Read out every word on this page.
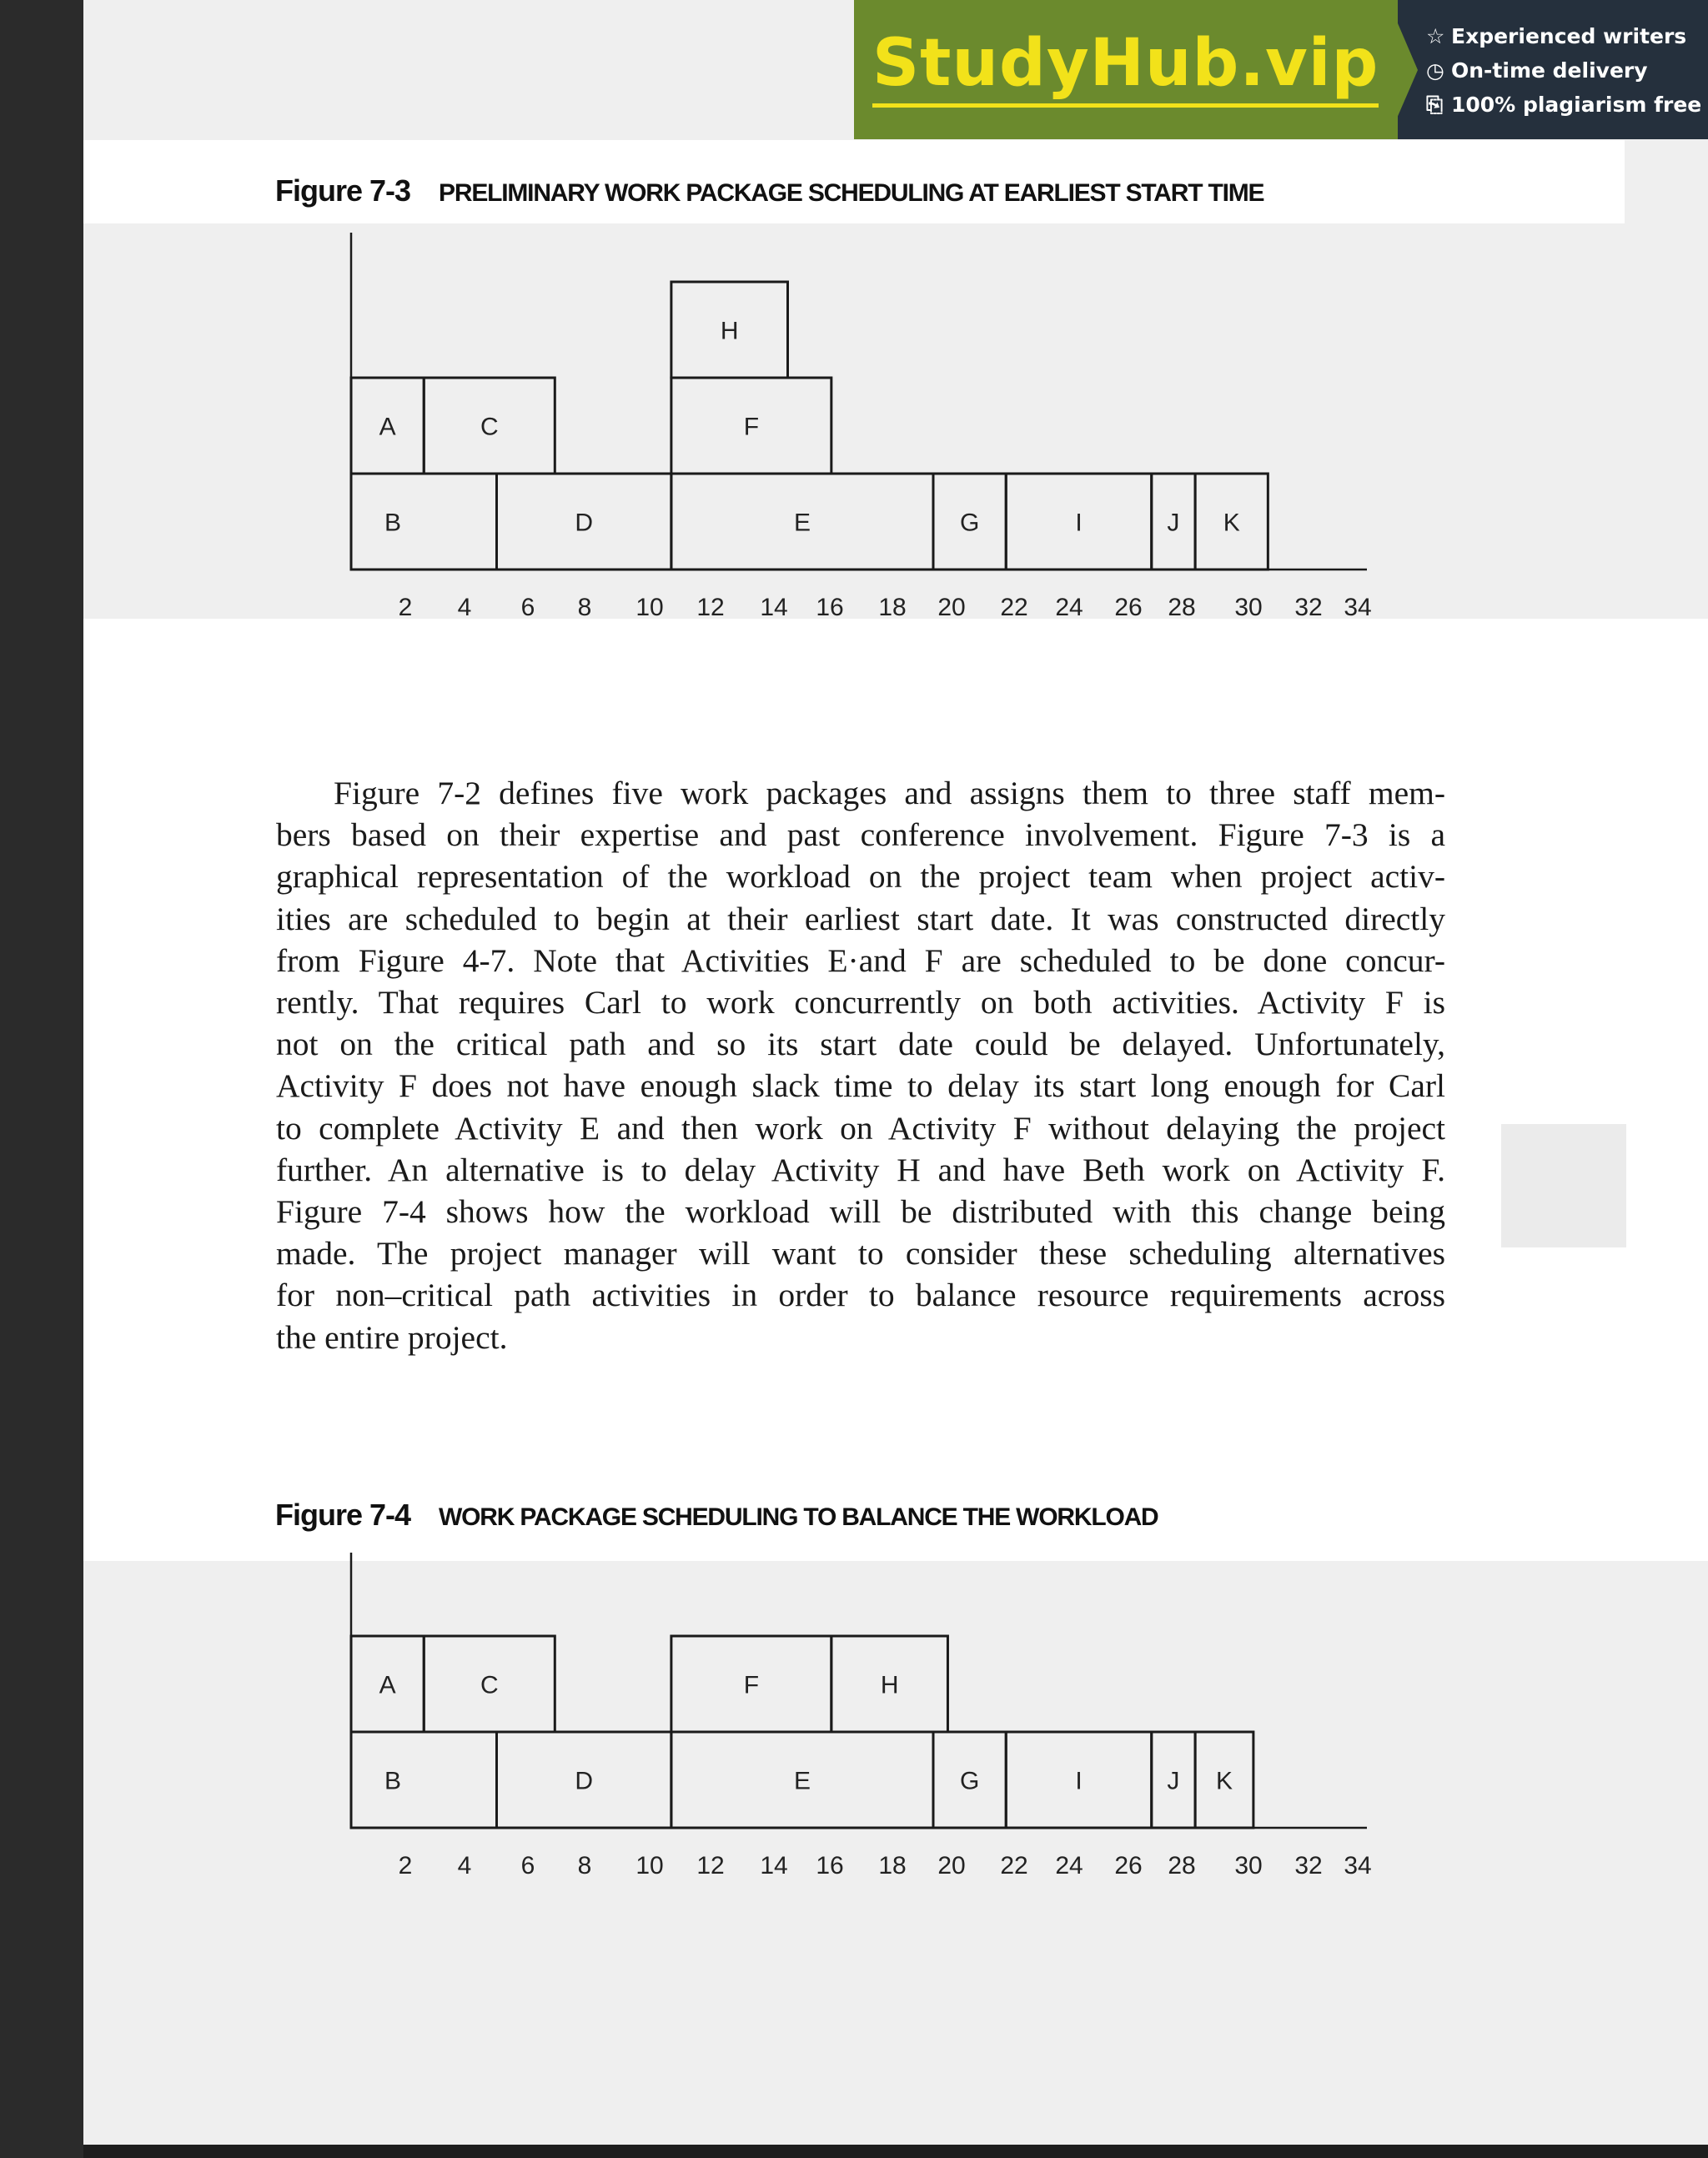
StudyHub.vip ☆ Experienced writers
◷ On-time delivery
⎘ 100% plagiarism free
Figure 7-3 PRELIMINARY WORK PACKAGE SCHEDULING AT EARLIEST START TIME
A	C
B	D	E
F
H
G	I	J K
2 4 6 8 10 12 14 16 18 20 22 24 26 28 30 32 34
Figure 7-2 defines five work packages and assigns them to three staff mem-
bers based on their expertise and past conference involvement. Figure 7-3 is a
graphical representation of the workload on the project team when project activ-
ities are scheduled to begin at their earliest start date. It was constructed directly
from Figure 4-7. Note that Activities E·and F are scheduled to be done concur-
rently. That requires Carl to work concurrently on both activities. Activity F is
not on the critical path and so its start date could be delayed. Unfortunately,
Activity F does not have enough slack time to delay its start long enough for Carl
to complete Activity E and then work on Activity F without delaying the project
further. An alternative is to delay Activity H and have Beth work on Activity F.
Figure 7-4 shows how the workload will be distributed with this change being
made. The project manager will want to consider these scheduling alternatives
for non–critical path activities in order to balance resource requirements across
the entire project.
Figure 7-4 WORK PACKAGE SCHEDULING TO BALANCE THE WORKLOAD
A	C
B	D	E
F	H
G	I	J K
2 4 6 8 10 12 14 16 18 20 22 24 26 28 30 32 34
